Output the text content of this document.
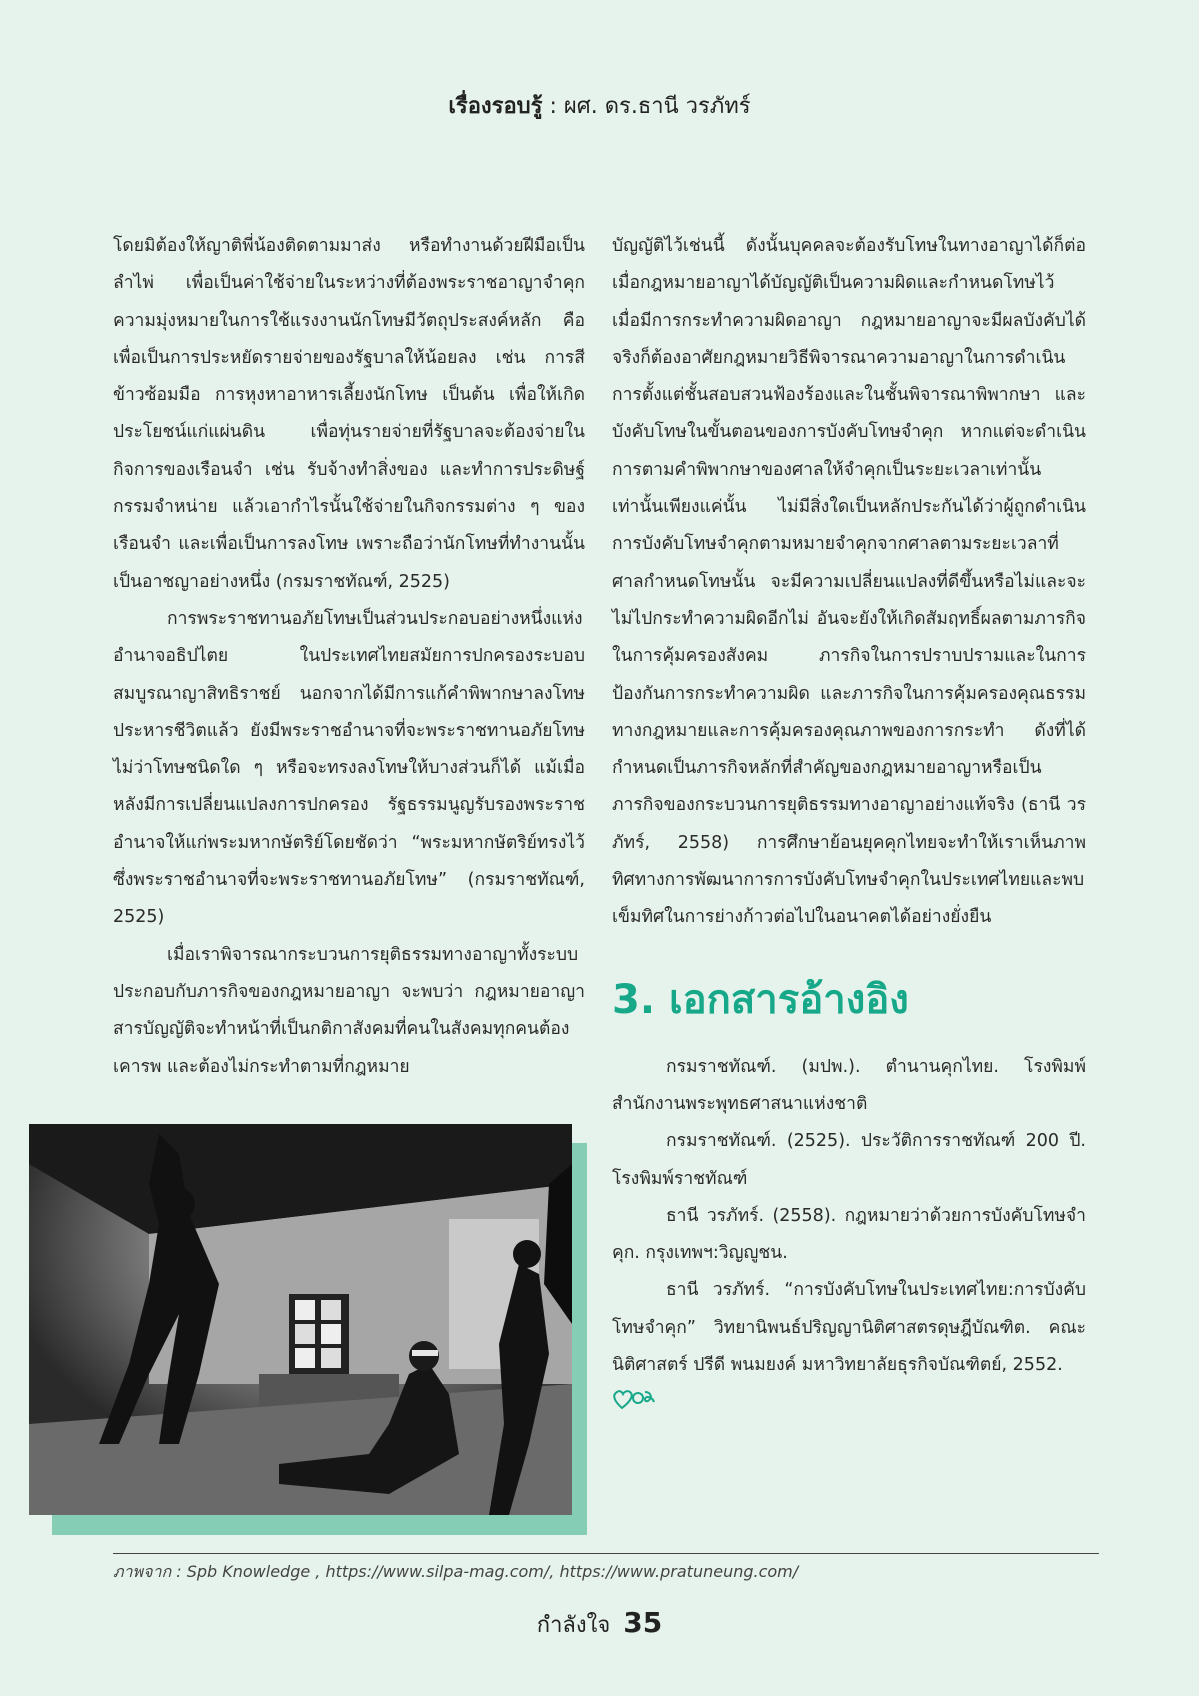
เรื่องรอบรู้ : ผศ. ดร.ธานี วรภัทร์

โดยมิต้องให้ญาติพี่น้องติดตามมาส่ง หรือทำงานด้วยฝีมือเป็นลำไพ่ เพื่อเป็นค่าใช้จ่ายในระหว่างที่ต้องพระราชอาญาจำคุก ความมุ่งหมายในการใช้แรงงานนักโทษมีวัตถุประสงค์หลัก คือ เพื่อเป็นการประหยัดรายจ่ายของรัฐบาลให้น้อยลง เช่น การสีข้าวซ้อมมือ การหุงหาอาหารเลี้ยงนักโทษ เป็นต้น เพื่อให้เกิดประโยชน์แก่แผ่นดิน เพื่อทุ่นรายจ่ายที่รัฐบาลจะต้องจ่ายในกิจการของเรือนจำ เช่น รับจ้างทำสิ่งของ และทำการประดิษฐ์กรรมจำหน่าย แล้วเอากำไรนั้นใช้จ่ายในกิจกรรมต่าง ๆ ของเรือนจำ และเพื่อเป็นการลงโทษ เพราะถือว่านักโทษที่ทำงานนั้น เป็นอาชญาอย่างหนึ่ง (กรมราชทัณฑ์, 2525)

การพระราชทานอภัยโทษเป็นส่วนประกอบอย่างหนึ่งแห่งอำนาจอธิปไตย ในประเทศไทยสมัยการปกครองระบอบสมบูรณาญาสิทธิราชย์ นอกจากได้มีการแก้คำพิพากษาลงโทษประหารชีวิตแล้ว ยังมีพระราชอำนาจที่จะพระราชทานอภัยโทษไม่ว่าโทษชนิดใด ๆ หรือจะทรงลงโทษให้บางส่วนก็ได้ แม้เมื่อหลังมีการเปลี่ยนแปลงการปกครอง รัฐธรรมนูญรับรองพระราชอำนาจให้แก่พระมหากษัตริย์โดยชัดว่า “พระมหากษัตริย์ทรงไว้ซึ่งพระราชอำนาจที่จะพระราชทานอภัยโทษ” (กรมราชทัณฑ์, 2525)

เมื่อเราพิจารณากระบวนการยุติธรรมทางอาญาทั้งระบบประกอบกับภารกิจของกฎหมายอาญา จะพบว่า กฎหมายอาญาสารบัญญัติจะทำหน้าที่เป็นกติกาสังคมที่คนในสังคมทุกคนต้องเคารพ และต้องไม่กระทำตามที่กฎหมาย

บัญญัติไว้เช่นนี้ ดังนั้นบุคคลจะต้องรับโทษในทางอาญาได้ก็ต่อเมื่อกฎหมายอาญาได้บัญญัติเป็นความผิดและกำหนดโทษไว้ เมื่อมีการกระทำความผิดอาญา กฎหมายอาญาจะมีผลบังคับได้จริงก็ต้องอาศัยกฎหมายวิธีพิจารณาความอาญาในการดำเนินการตั้งแต่ชั้นสอบสวนฟ้องร้องและในชั้นพิจารณาพิพากษา และบังคับโทษในขั้นตอนของการบังคับโทษจำคุก หากแต่จะดำเนินการตามคำพิพากษาของศาลให้จำคุกเป็นระยะเวลาเท่านั้นเท่านั้นเพียงแค่นั้น ไม่มีสิ่งใดเป็นหลักประกันได้ว่าผู้ถูกดำเนินการบังคับโทษจำคุกตามหมายจำคุกจากศาลตามระยะเวลาที่ศาลกำหนดโทษนั้น จะมีความเปลี่ยนแปลงที่ดีขึ้นหรือไม่และจะไม่ไปกระทำความผิดอีกไม่ อันจะยังให้เกิดสัมฤทธิ์ผลตามภารกิจในการคุ้มครองสังคม ภารกิจในการปราบปรามและในการป้องกันการกระทำความผิด และภารกิจในการคุ้มครองคุณธรรมทางกฎหมายและการคุ้มครองคุณภาพของการกระทำ ดังที่ได้กำหนดเป็นภารกิจหลักที่สำคัญของกฎหมายอาญาหรือเป็นภารกิจของกระบวนการยุติธรรมทางอาญาอย่างแท้จริง (ธานี วรภัทร์, 2558) การศึกษาย้อนยุคคุกไทยจะทำให้เราเห็นภาพทิศทางการพัฒนาการการบังคับโทษจำคุกในประเทศไทยและพบเข็มทิศในการย่างก้าวต่อไปในอนาคตได้อย่างยั่งยืน

3. เอกสารอ้างอิง

กรมราชทัณฑ์. (มปพ.). ตำนานคุกไทย. โรงพิมพ์สำนักงานพระพุทธศาสนาแห่งชาติ

กรมราชทัณฑ์. (2525). ประวัติการราชทัณฑ์ 200 ปี. โรงพิมพ์ราชทัณฑ์

ธานี วรภัทร์. (2558). กฎหมายว่าด้วยการบังคับโทษจำคุก. กรุงเทพฯ:วิญญูชน.

ธานี วรภัทร์. “การบังคับโทษในประเทศไทย:การบังคับโทษจำคุก” วิทยานิพนธ์ปริญญานิติศาสตรดุษฎีบัณฑิต. คณะนิติศาสตร์ ปรีดี พนมยงค์ มหาวิทยาลัยธุรกิจบัณฑิตย์, 2552.

ภาพจาก : Spb Knowledge , https://www.silpa-mag.com/, https://www.pratuneung.com/
กำลังใจ 35
